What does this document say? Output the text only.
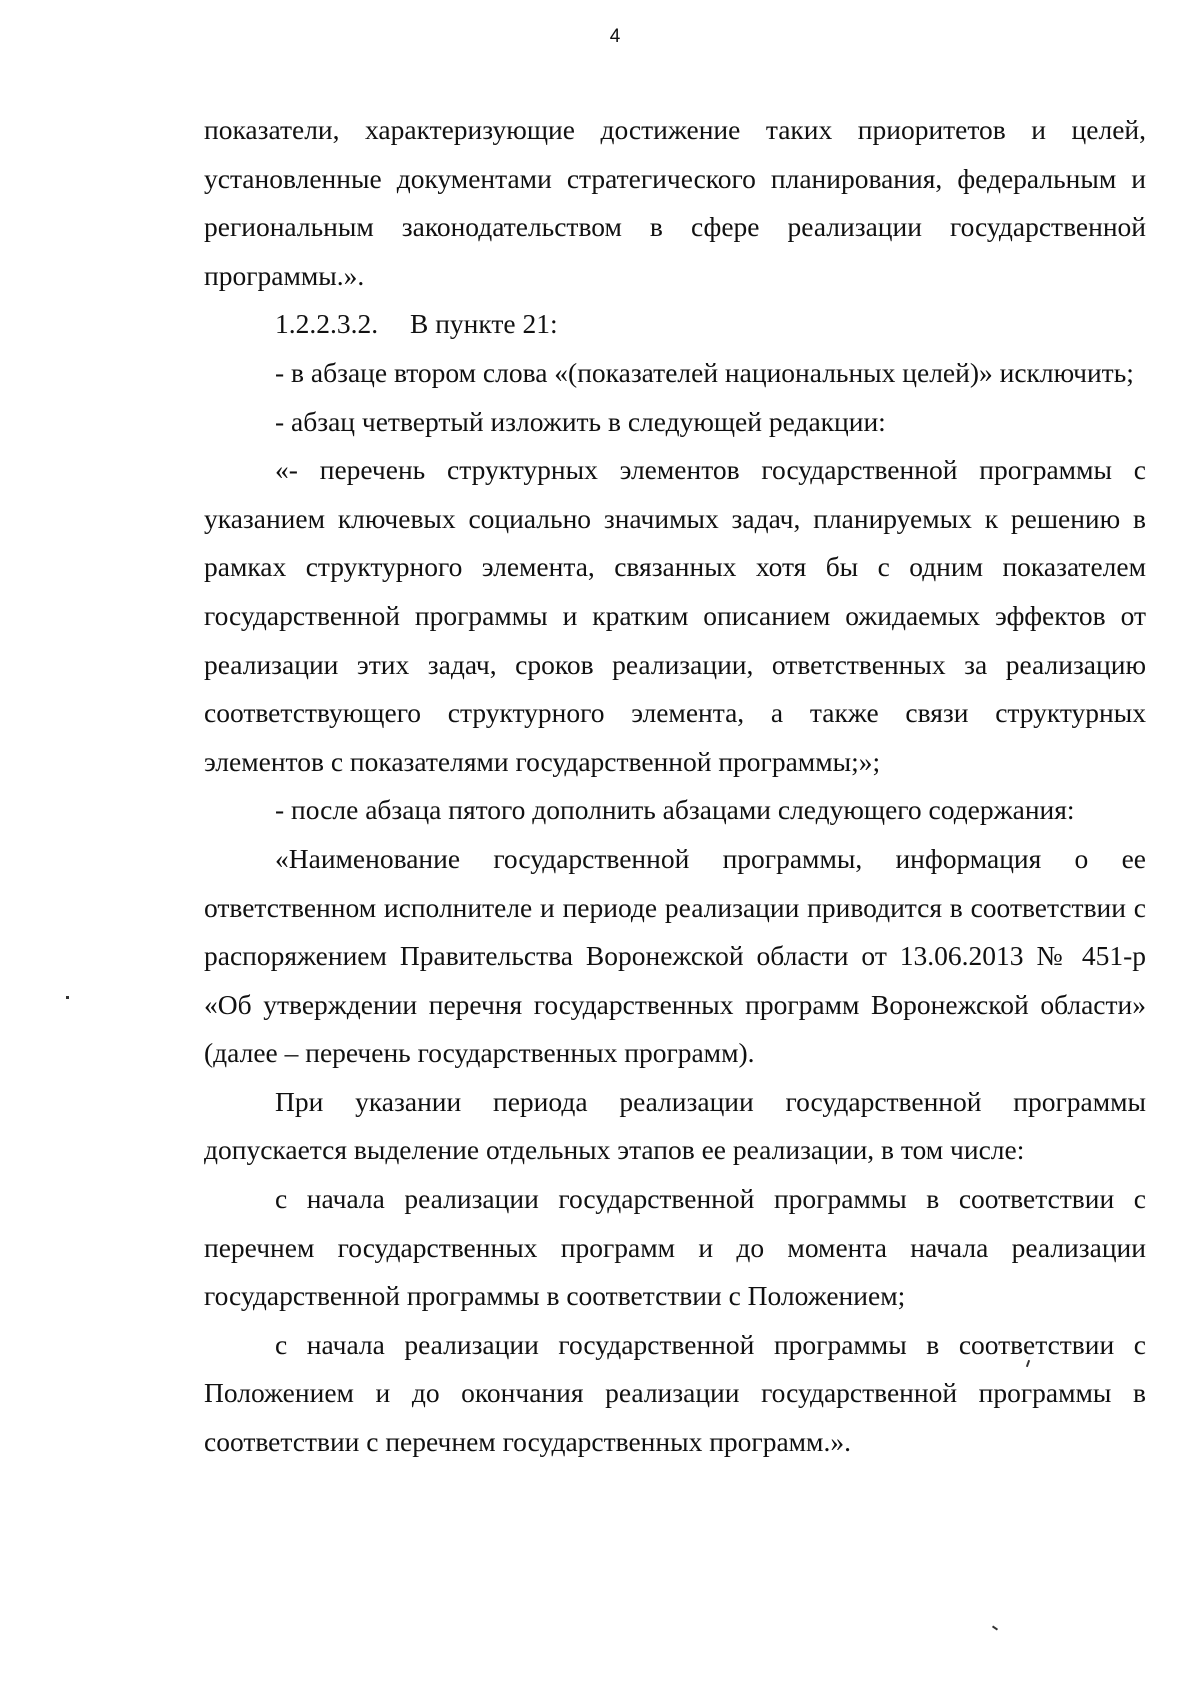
4

показатели, характеризующие достижение таких приоритетов и целей, установленные документами стратегического планирования, федеральным и региональным законодательством в сфере реализации государственной программы.».

1.2.2.3.2. В пункте 21:

- в абзаце втором слова «(показателей национальных целей)» исключить;

- абзац четвертый изложить в следующей редакции:

«- перечень структурных элементов государственной программы с указанием ключевых социально значимых задач, планируемых к решению в рамках структурного элемента, связанных хотя бы с одним показателем государственной программы и кратким описанием ожидаемых эффектов от реализации этих задач, сроков реализации, ответственных за реализацию соответствующего структурного элемента, а также связи структурных элементов с показателями государственной программы;»;

- после абзаца пятого дополнить абзацами следующего содержания:

«Наименование государственной программы, информация о ее ответственном исполнителе и периоде реализации приводится в соответствии с распоряжением Правительства Воронежской области от 13.06.2013 № 451-р «Об утверждении перечня государственных программ Воронежской области» (далее – перечень государственных программ).

При указании периода реализации государственной программы допускается выделение отдельных этапов ее реализации, в том числе:

с начала реализации государственной программы в соответствии с перечнем государственных программ и до момента начала реализации государственной программы в соответствии с Положением;

с начала реализации государственной программы в соответствии с Положением и до окончания реализации государственной программы в соответствии с перечнем государственных программ.».
